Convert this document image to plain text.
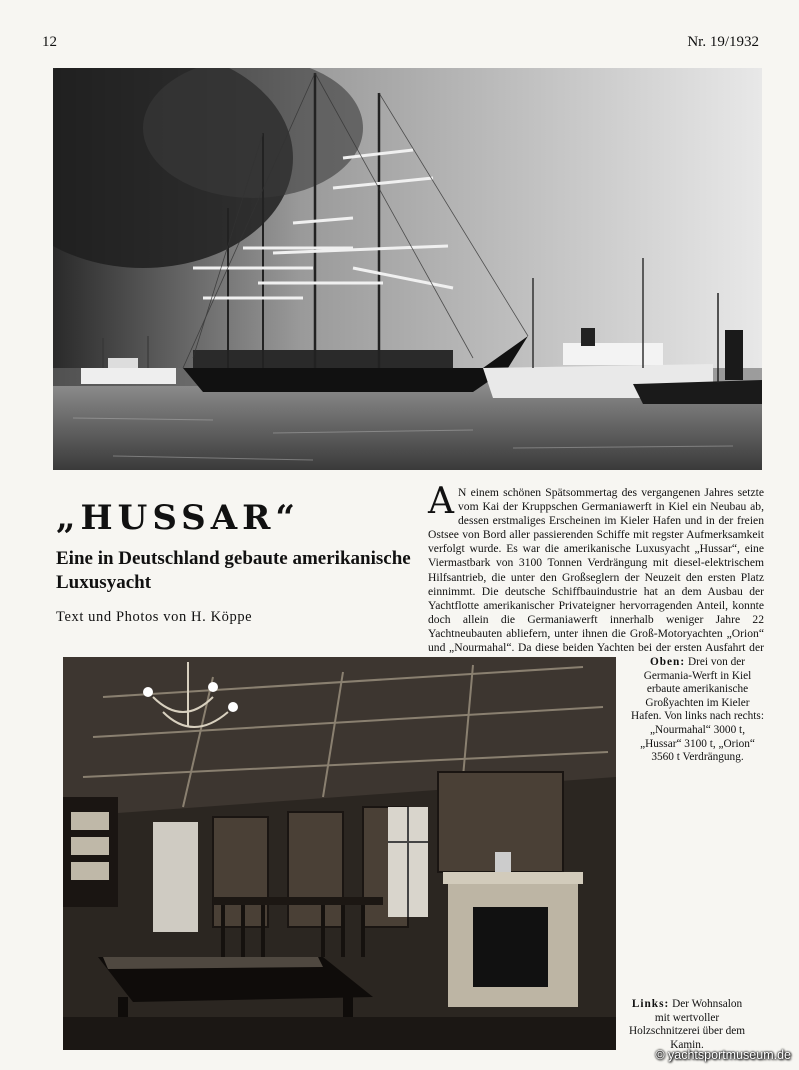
12	Nr. 19/1932
„HUSSAR“
Eine in Deutschland gebaute amerikanische Luxusyacht
Text und Photos von H. Köppe
A N einem schönen Spätsommertag des vergangenen Jahres setzte vom Kai der Kruppschen Germaniawerft in Kiel ein Neubau ab, dessen erstmaliges Erscheinen im Kieler Hafen und in der freien Ostsee von Bord aller passierenden Schiffe mit regster Aufmerksamkeit verfolgt wurde. Es war die amerikanische Luxusyacht „Hussar“, eine Viermastbark von 3100 Tonnen Verdrängung mit diesel-elektrischem Hilfsantrieb, die unter den Großseglern der Neuzeit den ersten Platz einnimmt. Die deutsche Schiffbauindustrie hat an dem Ausbau der Yachtflotte amerikanischer Privateigner hervorragenden Anteil, konnte doch allein die Germaniawerft innerhalb weniger Jahre 22 Yachtneubauten abliefern, unter ihnen die Groß-Motoryachten „Orion“ und „Nourmahal“. Da diese beiden Yachten bei der ersten Ausfahrt der

Oben: Drei von der Germania-Werft in Kiel erbaute amerikanische Großyachten im Kieler Hafen. Von links nach rechts: „Nourmahal“ 3000 t, „Hussar“ 3100 t, „Orion“ 3560 t Verdrängung.
Links: Der Wohnsalon mit wertvoller Holzschnitzerei über dem Kamin.
© yachtsportmuseum.de
